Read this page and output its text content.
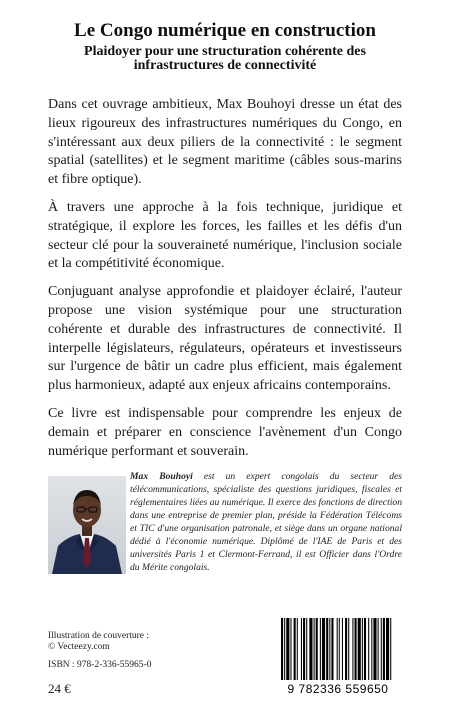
Le Congo numérique en construction
Plaidoyer pour une structuration cohérente des infrastructures de connectivité

Dans cet ouvrage ambitieux, Max Bouhoyi dresse un état des lieux rigoureux des infrastructures numériques du Congo, en s'intéressant aux deux piliers de la connectivité : le segment spatial (satellites) et le segment maritime (câbles sous-marins et fibre optique).

À travers une approche à la fois technique, juridique et stratégique, il explore les forces, les failles et les défis d'un secteur clé pour la souveraineté numérique, l'inclusion sociale et la compétitivité économique.

Conjuguant analyse approfondie et plaidoyer éclairé, l'auteur propose une vision systémique pour une structuration cohérente et durable des infrastructures de connectivité. Il interpelle législateurs, régulateurs, opérateurs et investisseurs sur l'urgence de bâtir un cadre plus efficient, mais également plus harmonieux, adapté aux enjeux africains contemporains.

Ce livre est indispensable pour comprendre les enjeux de demain et préparer en conscience l'avènement d'un Congo numérique performant et souverain.

Max Bouhoyi est un expert congolais du secteur des télécommunications, spécialiste des questions juridiques, fiscales et réglementaires liées au numérique. Il exerce des fonctions de direction dans une entreprise de premier plan, préside la Fédération Télécoms et TIC d'une organisation patronale, et siège dans un organe national dédié à l'économie numérique. Diplômé de l'IAE de Paris et des universités Paris 1 et Clermont-Ferrand, il est Officier dans l'Ordre du Mérite congolais.
Illustration de couverture :
© Vecteezy.com
ISBN : 978-2-336-55965-0
24 €	9 782336 559650
